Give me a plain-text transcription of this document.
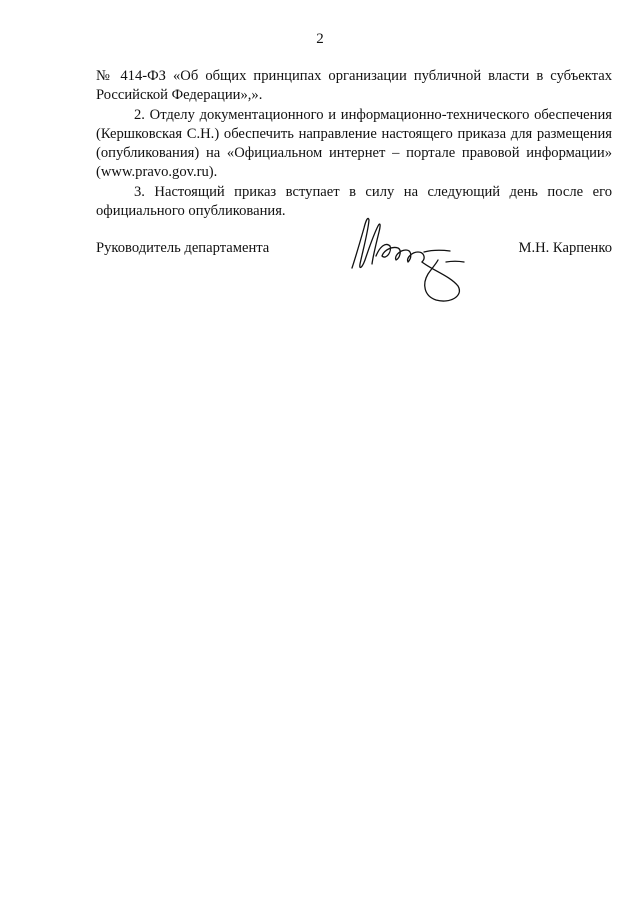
2

№ 414-ФЗ «Об общих принципах организации публичной власти в субъектах Российской Федерации»,».

2. Отделу документационного и информационно-технического обеспечения (Кершковская С.Н.) обеспечить направление настоящего приказа для размещения (опубликования) на «Официальном интернет – портале правовой информации» (www.pravo.gov.ru).

3. Настоящий приказ вступает в силу на следующий день после его официального опубликования.

Руководитель департамента	М.Н. Карпенко
